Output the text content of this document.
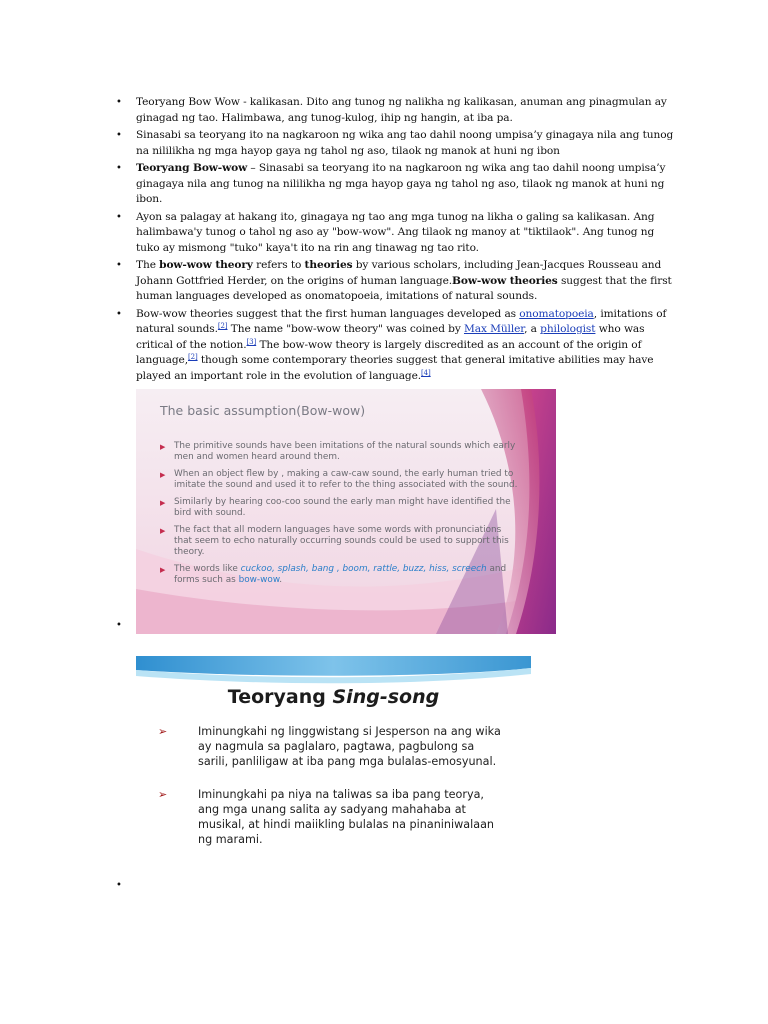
• Teoryang Bow Wow - kalikasan. Dito ang tunog ng nalikha ng kalikasan, anuman ang pinagmulan ay ginagad ng tao. Halimbawa, ang tunog-kulog, ihip ng hangin, at iba pa.
• Sinasabi sa teoryang ito na nagkaroon ng wika ang tao dahil noong umpisa’y ginagaya nila ang tunog na nililikha ng mga hayop gaya ng tahol ng aso, tilaok ng manok at huni ng ibon
• Teoryang Bow-wow – Sinasabi sa teoryang ito na nagkaroon ng wika ang tao dahil noong umpisa’y ginagaya nila ang tunog na nililikha ng mga hayop gaya ng tahol ng aso, tilaok ng manok at huni ng ibon.
• Ayon sa palagay at hakang ito, ginagaya ng tao ang mga tunog na likha o galing sa kalikasan. Ang halimbawa'y tunog o tahol ng aso ay "bow-wow". Ang tilaok ng manoy at "tiktilaok". Ang tunog ng tuko ay mismong "tuko" kaya't ito na rin ang tinawag ng tao rito.
• The bow-wow theory refers to theories by various scholars, including Jean-Jacques Rousseau and Johann Gottfried Herder, on the origins of human language.Bow-wow theories suggest that the first human languages developed as onomatopoeia, imitations of natural sounds.
• Bow-wow theories suggest that the first human languages developed as onomatopoeia, imitations of natural sounds.[2] The name "bow-wow theory" was coined by Max Müller, a philologist who was critical of the notion.[3] The bow-wow theory is largely discredited as an account of the origin of language,[2] though some contemporary theories suggest that general imitative abilities may have played an important role in the evolution of language.[4]
The basic assumption(Bow-wow)
▶ The primitive sounds have been imitations of the natural sounds which early men and women heard around them.
▶ When an object flew by , making a caw-caw sound, the early human tried to imitate the sound and used it to refer to the thing associated with the sound.
▶ Similarly by hearing coo-coo sound the early man might have identified the bird with sound.
▶ The fact that all modern languages have some words with pronunciations that seem to echo naturally occurring sounds could be used to support this theory.
▶ The words like cuckoo, splash, bang , boom, rattle, buzz, hiss, screech and forms such as bow-wow.
•
Teoryang Sing-song
➢	Iminungkahi ng linggwistang si Jesperson na ang wika ay nagmula sa paglalaro, pagtawa, pagbulong sa sarili, panliligaw at iba pang mga bulalas-emosyunal.
➢	Iminungkahi pa niya na taliwas sa iba pang teorya, ang mga unang salita ay sadyang mahahaba at musikal, at hindi maiikling bulalas na pinaniniwalaan ng marami.
•
